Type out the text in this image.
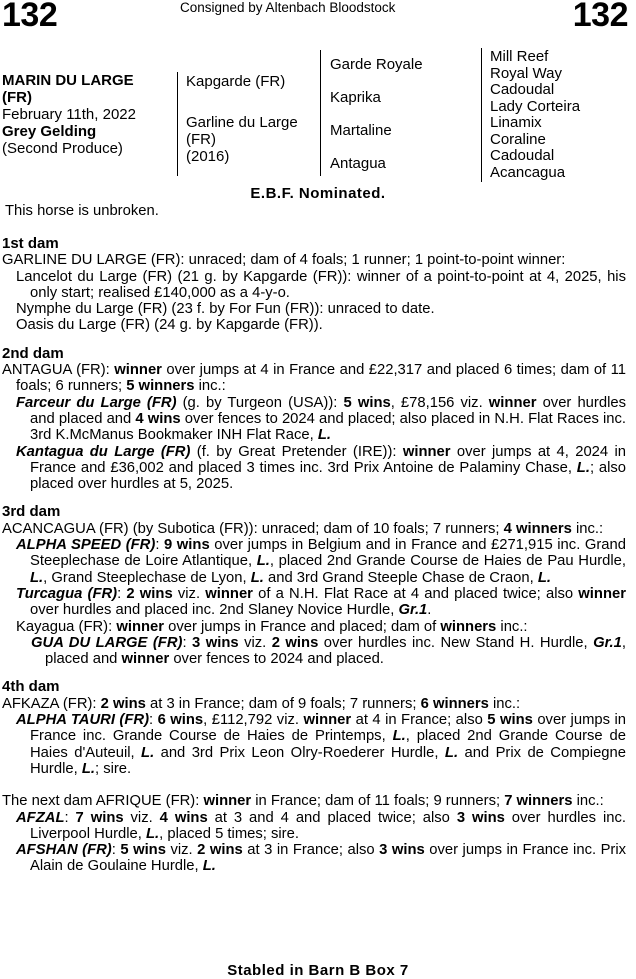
132	Consigned by Altenbach Bloodstock	132
MARIN DU LARGE
(FR)
February 11th, 2022
Grey Gelding
(Second Produce)
Kapgarde (FR)
Garline du Large
(FR)
(2016)
Garde Royale
Kaprika
Martaline
Antagua
Mill Reef
Royal Way
Cadoudal
Lady Corteira
Linamix
Coraline
Cadoudal
Acancagua
E.B.F. Nominated.
This horse is unbroken.
1st dam
GARLINE DU LARGE (FR): unraced; dam of 4 foals; 1 runner; 1 point-to-point winner:
Lancelot du Large (FR) (21 g. by Kapgarde (FR)): winner of a point-to-point at 4, 2025, his only start; realised £140,000 as a 4-y-o.
Nymphe du Large (FR) (23 f. by For Fun (FR)): unraced to date.
Oasis du Large (FR) (24 g. by Kapgarde (FR)).
2nd dam
ANTAGUA (FR): winner over jumps at 4 in France and £22,317 and placed 6 times; dam of 11 foals; 6 runners; 5 winners inc.:
Farceur du Large (FR) (g. by Turgeon (USA)): 5 wins, £78,156 viz. winner over hurdles and placed and 4 wins over fences to 2024 and placed; also placed in N.H. Flat Races inc. 3rd K.McManus Bookmaker INH Flat Race, L.
Kantagua du Large (FR) (f. by Great Pretender (IRE)): winner over jumps at 4, 2024 in France and £36,002 and placed 3 times inc. 3rd Prix Antoine de Palaminy Chase, L.; also placed over hurdles at 5, 2025.
3rd dam
ACANCAGUA (FR) (by Subotica (FR)): unraced; dam of 10 foals; 7 runners; 4 winners inc.:
ALPHA SPEED (FR): 9 wins over jumps in Belgium and in France and £271,915 inc. Grand Steeplechase de Loire Atlantique, L., placed 2nd Grande Course de Haies de Pau Hurdle, L., Grand Steeplechase de Lyon, L. and 3rd Grand Steeple Chase de Craon, L.
Turcagua (FR): 2 wins viz. winner of a N.H. Flat Race at 4 and placed twice; also winner over hurdles and placed inc. 2nd Slaney Novice Hurdle, Gr.1.
Kayagua (FR): winner over jumps in France and placed; dam of winners inc.:
GUA DU LARGE (FR): 3 wins viz. 2 wins over hurdles inc. New Stand H. Hurdle, Gr.1, placed and winner over fences to 2024 and placed.
4th dam
AFKAZA (FR): 2 wins at 3 in France; dam of 9 foals; 7 runners; 6 winners inc.:
ALPHA TAURI (FR): 6 wins, £112,792 viz. winner at 4 in France; also 5 wins over jumps in France inc. Grande Course de Haies de Printemps, L., placed 2nd Grande Course de Haies d'Auteuil, L. and 3rd Prix Leon Olry-Roederer Hurdle, L. and Prix de Compiegne Hurdle, L.; sire.
The next dam AFRIQUE (FR): winner in France; dam of 11 foals; 9 runners; 7 winners inc.:
AFZAL: 7 wins viz. 4 wins at 3 and 4 and placed twice; also 3 wins over hurdles inc. Liverpool Hurdle, L., placed 5 times; sire.
AFSHAN (FR): 5 wins viz. 2 wins at 3 in France; also 3 wins over jumps in France inc. Prix Alain de Goulaine Hurdle, L.
Stabled in Barn B Box 7
